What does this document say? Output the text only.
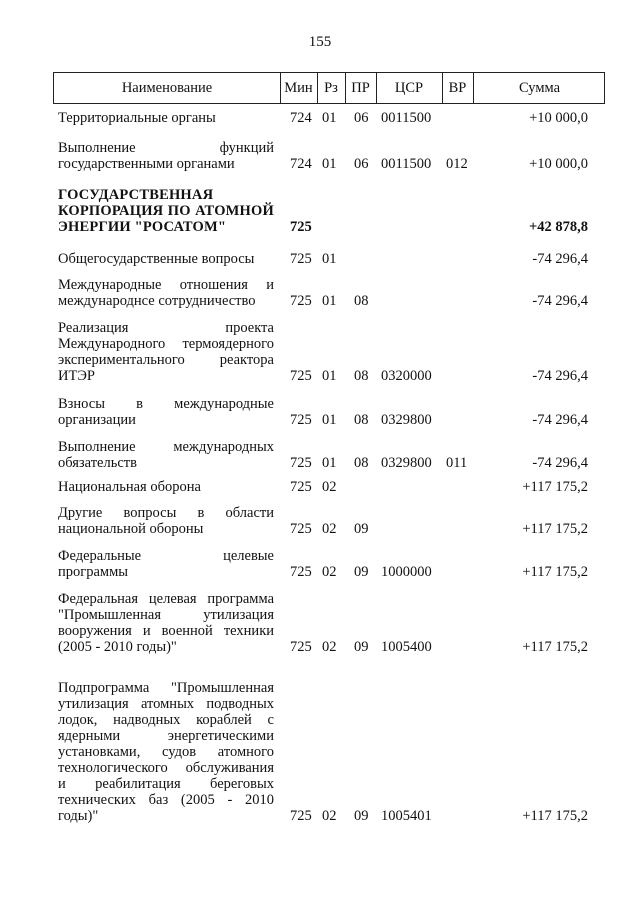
155
Наименование	Мин Рз ПР	ЦСР	ВР	Сумма
Территориальные органы	724 01 06 0011500	+10 000,0
Выполнение функций
государственными органами	724 01 06 0011500 012	+10 000,0
ГОСУДАРСТВЕННАЯ
КОРПОРАЦИЯ ПО АТОМНОЙ
ЭНЕРГИИ "РОСАТОМ"	725	+42 878,8
Общегосударственные вопросы	725 01	-74 296,4
Международные отношения и
международнсе сотрудничество	725 01 08	-74 296,4
Реализация проекта
Международного термоядерного
экспериментального реактора
ИТЭР	725 01 08 0320000	-74 296,4
Взносы в международные
организации	725 01 08 0329800	-74 296,4
Выполнение международных
обязательств	725 01 08 0329800 011	-74 296,4
Национальная оборона	725 02	+117 175,2
Другие вопросы в области
национальной обороны	725 02 09	+117 175,2
Федеральные целевые
программы	725 02 09 1000000	+117 175,2
Федеральная целевая программа
"Промышленная утилизация
вооружения и военной техники
(2005 - 2010 годы)"	725 02 09 1005400	+117 175,2
Подпрограмма "Промышленная
утилизация атомных подводных
лодок, надводных кораблей с
ядерными энергетическими
установками, судов атомного
технологического обслуживания
и реабилитация береговых
технических баз (2005 - 2010
годы)"	725 02 09 1005401	+117 175,2
